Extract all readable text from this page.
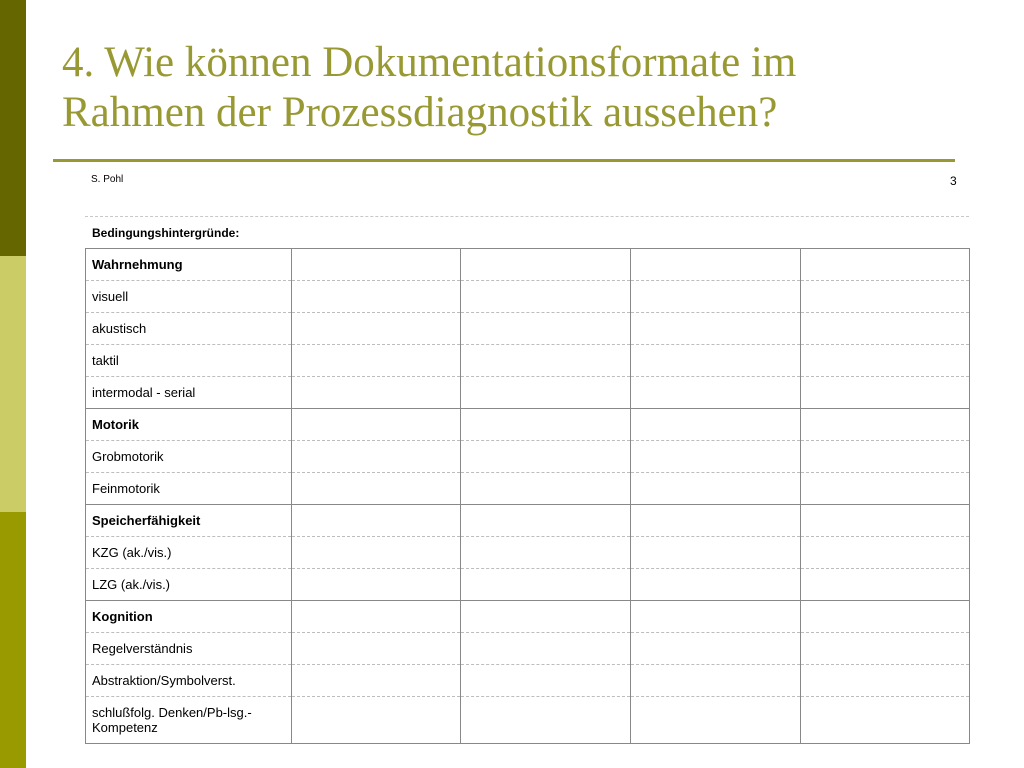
4. Wie können Dokumentationsformate im
Rahmen der Prozessdiagnostik aussehen?
S. Pohl	3
Bedingungshintergründe:
Wahrnehmung				
visuell				
akustisch				
taktil				
intermodal - serial				
Motorik				
Grobmotorik				
Feinmotorik				
Speicherfähigkeit				
KZG (ak./vis.)				
LZG (ak./vis.)				
Kognition				
Regelverständnis				
Abstraktion/Symbolverst.				
schlußfolg. Denken/Pb-lsg.- Kompetenz				
